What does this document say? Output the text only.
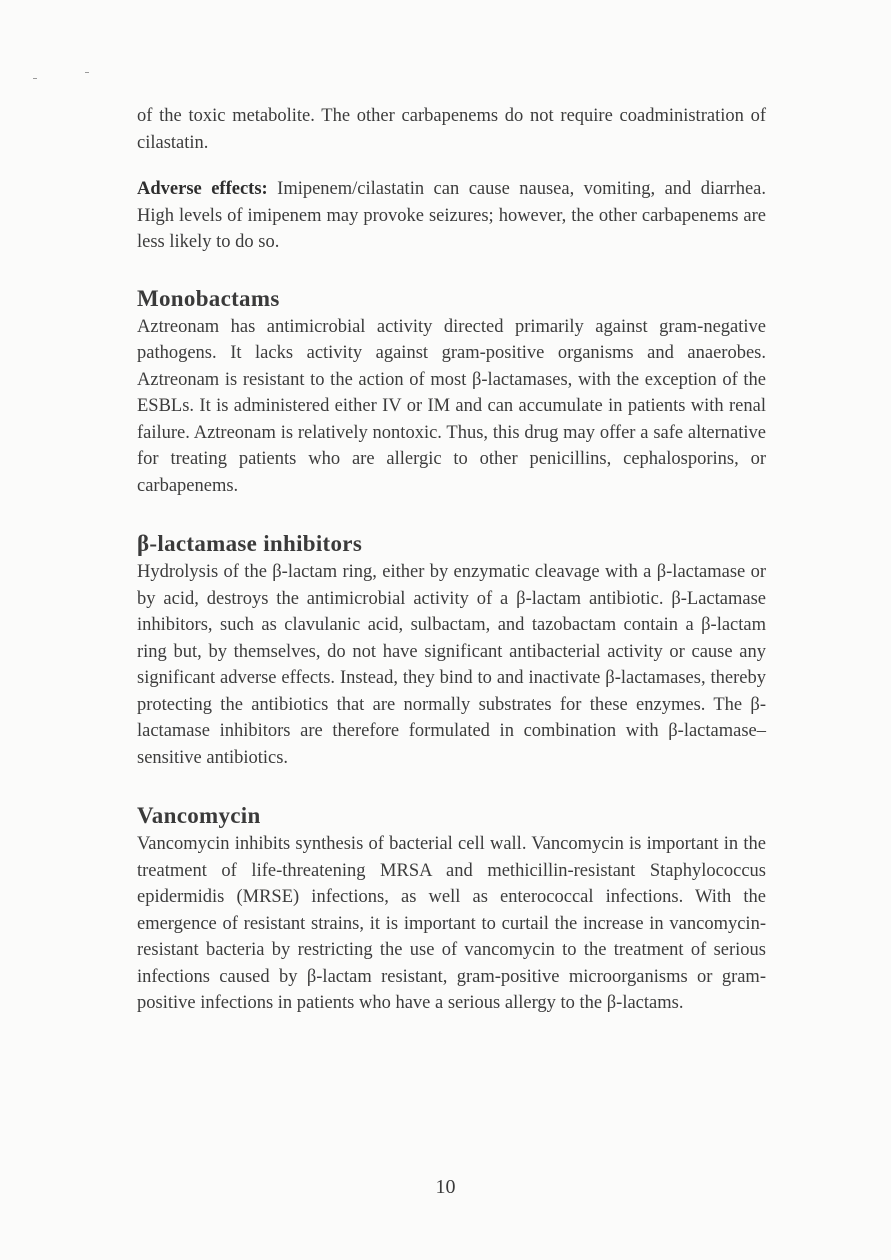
of the toxic metabolite. The other carbapenems do not require coadministration of cilastatin.

Adverse effects: Imipenem/cilastatin can cause nausea, vomiting, and diarrhea. High levels of imipenem may provoke seizures; however, the other carbapenems are less likely to do so.

Monobactams

Aztreonam has antimicrobial activity directed primarily against gram-negative pathogens. It lacks activity against gram-positive organisms and anaerobes. Aztreonam is resistant to the action of most β-lactamases, with the exception of the ESBLs. It is administered either IV or IM and can accumulate in patients with renal failure. Aztreonam is relatively nontoxic. Thus, this drug may offer a safe alternative for treating patients who are allergic to other penicillins, cephalosporins, or carbapenems.

β-lactamase inhibitors

Hydrolysis of the β-lactam ring, either by enzymatic cleavage with a β-lactamase or by acid, destroys the antimicrobial activity of a β-lactam antibiotic. β-Lactamase inhibitors, such as clavulanic acid, sulbactam, and tazobactam contain a β-lactam ring but, by themselves, do not have significant antibacterial activity or cause any significant adverse effects. Instead, they bind to and inactivate β-lactamases, thereby protecting the antibiotics that are normally substrates for these enzymes. The β-lactamase inhibitors are therefore formulated in combination with β-lactamase–sensitive antibiotics.

Vancomycin

Vancomycin inhibits synthesis of bacterial cell wall. Vancomycin is important in the treatment of life-threatening MRSA and methicillin-resistant Staphylococcus epidermidis (MRSE) infections, as well as enterococcal infections. With the emergence of resistant strains, it is important to curtail the increase in vancomycin-resistant bacteria by restricting the use of vancomycin to the treatment of serious infections caused by β-lactam resistant, gram-positive microorganisms or gram-positive infections in patients who have a serious allergy to the β-lactams.

10
